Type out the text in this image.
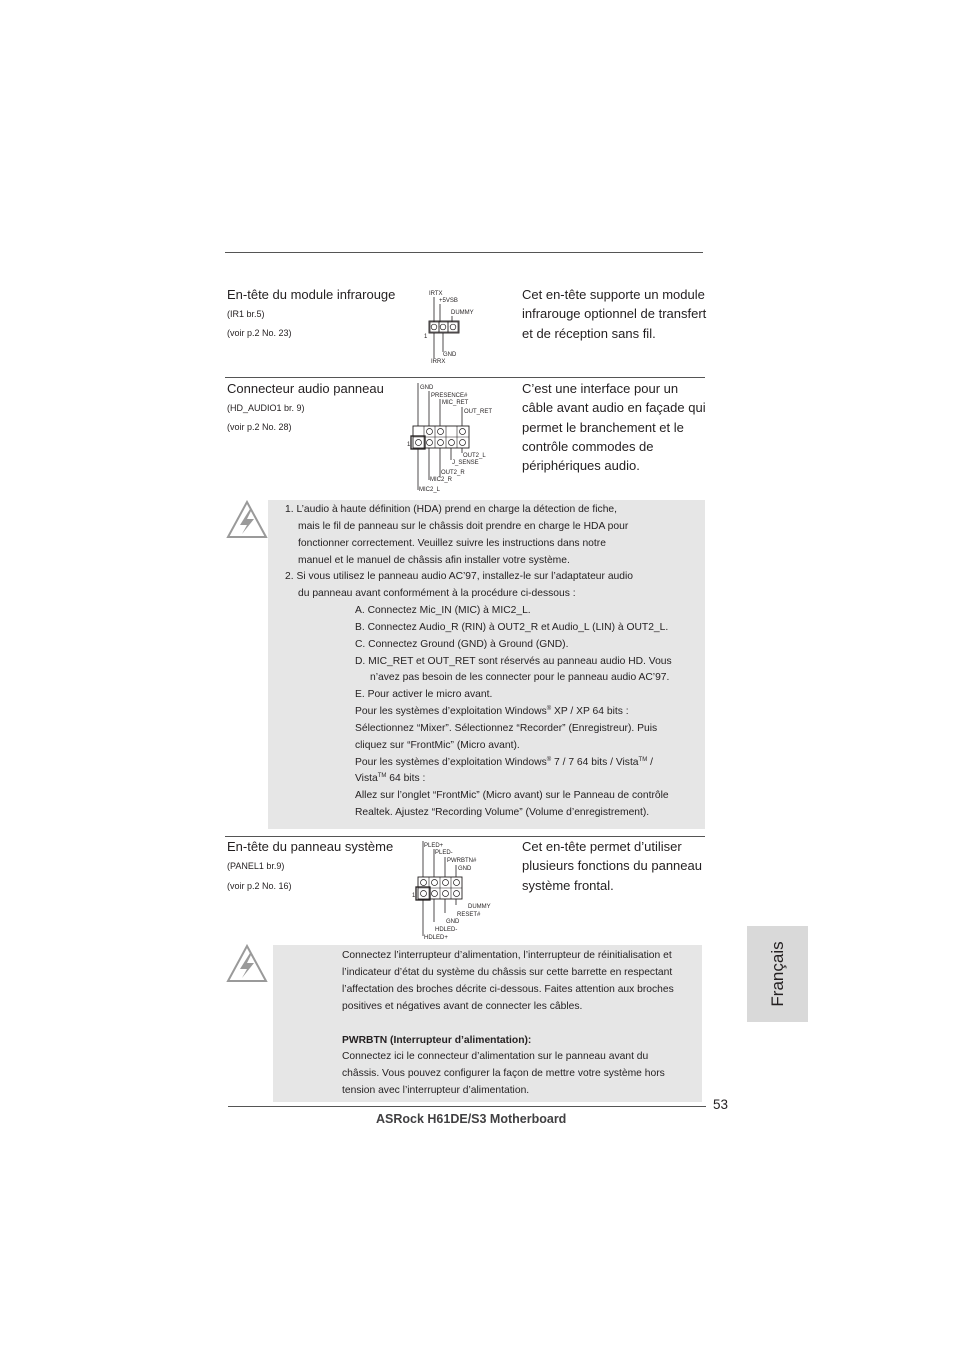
En-tête du module infrarouge
(IR1 br.5)
(voir p.2 No. 23)
Cet en-tête supporte un module infrarouge optionnel de transfert et de réception sans fil.
IRTX
+5VSB
DUMMY
1
GND
IRRX
Connecteur audio panneau
(HD_AUDIO1 br. 9)
(voir p.2 No. 28)
C’est une interface pour un câble avant audio en façade qui permet le branchement et le contrôle commodes de périphériques audio.
GND
PRESENCE#
MIC_RET
OUT_RET
1
OUT2_L
J_SENSE
OUT2_R
MIC2_R
MIC2_L
1. L’audio à haute définition (HDA) prend en charge la détection de fiche,
mais le fil de panneau sur le châssis doit prendre en charge le HDA pour
fonctionner correctement. Veuillez suivre les instructions dans notre
manuel et le manuel de châssis afin installer votre système.
2. Si vous utilisez le panneau audio AC’97, installez-le sur l’adaptateur audio
du panneau avant conformément à la procédure ci-dessous :
A. Connectez Mic_IN (MIC) à MIC2_L.
B. Connectez Audio_R (RIN) à OUT2_R et Audio_L (LIN) à OUT2_L.
C. Connectez Ground (GND) à Ground (GND).
D. MIC_RET et OUT_RET sont réservés au panneau audio HD. Vous
n’avez pas besoin de les connecter pour le panneau audio AC’97.
E. Pour activer le micro avant.
Pour les systèmes d’exploitation Windows® XP / XP 64 bits :
Sélectionnez “Mixer”. Sélectionnez “Recorder” (Enregistreur). Puis
cliquez sur “FrontMic” (Micro avant).
Pour les systèmes d’exploitation Windows® 7 / 7 64 bits / Vista™ /
Vista™ 64 bits :
Allez sur l’onglet “FrontMic” (Micro avant) sur le Panneau de contrôle
Realtek. Ajustez “Recording Volume” (Volume d’enregistrement).
En-tête du panneau système
(PANEL1 br.9)
(voir p.2 No. 16)
Cet en-tête permet d’utiliser plusieurs fonctions du panneau système frontal.
PLED+
PLED-
PWRBTN#
GND
1
DUMMY
RESET#
GND
HDLED-
HDLED+
Connectez l’interrupteur d’alimentation, l’interrupteur de réinitialisation et
l’indicateur d’état du système du châssis sur cette barrette en respectant
l’affectation des broches décrite ci-dessous. Faites attention aux broches
positives et négatives avant de connecter les câbles.
PWRBTN (Interrupteur d’alimentation):
Connectez ici le connecteur d’alimentation sur le panneau avant du
châssis. Vous pouvez configurer la façon de mettre votre système hors
tension avec l’interrupteur d’alimentation.
Français
53
ASRock H61DE/S3 Motherboard
